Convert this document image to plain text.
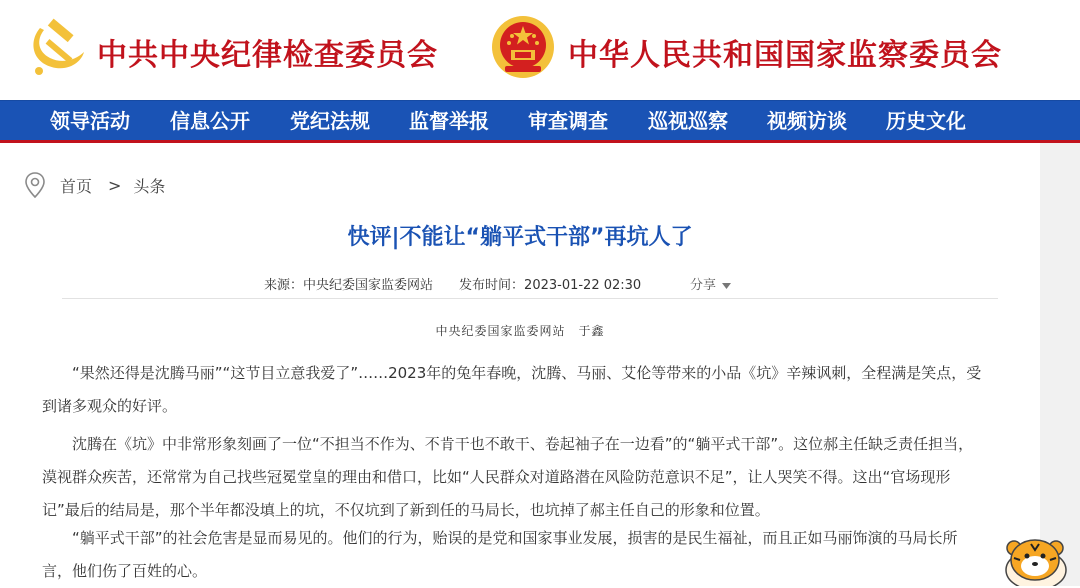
中共中央纪律检查委员会	中华人民共和国国家监察委员会
领导活动 信息公开 党纪法规 监督举报 审查调查 巡视巡察 视频访谈 历史文化
首页 > 头条
快评|不能让“躺平式干部”再坑人了
来源：中央纪委国家监委网站 发布时间：2023-01-22 02:30	分享
中央纪委国家监委网站　于鑫

“果然还得是沈腾马丽”“这节目立意我爱了”……2023年的兔年春晚，沈腾、马丽、艾伦等带来的小品《坑》辛辣讽刺，全程满是笑点，受到诸多观众的好评。

沈腾在《坑》中非常形象刻画了一位“不担当不作为、不肯干也不敢干、卷起袖子在一边看”的“躺平式干部”。这位郝主任缺乏责任担当，漠视群众疾苦，还常常为自己找些冠冕堂皇的理由和借口，比如“人民群众对道路潜在风险防范意识不足”，让人哭笑不得。这出“官场现形记”最后的结局是，那个半年都没填上的坑，不仅坑到了新到任的马局长，也坑掉了郝主任自己的形象和位置。

“躺平式干部”的社会危害是显而易见的。他们的行为，贻误的是党和国家事业发展，损害的是民生福祉，而且正如马丽饰演的马局长所言，他们伤了百姓的心。
